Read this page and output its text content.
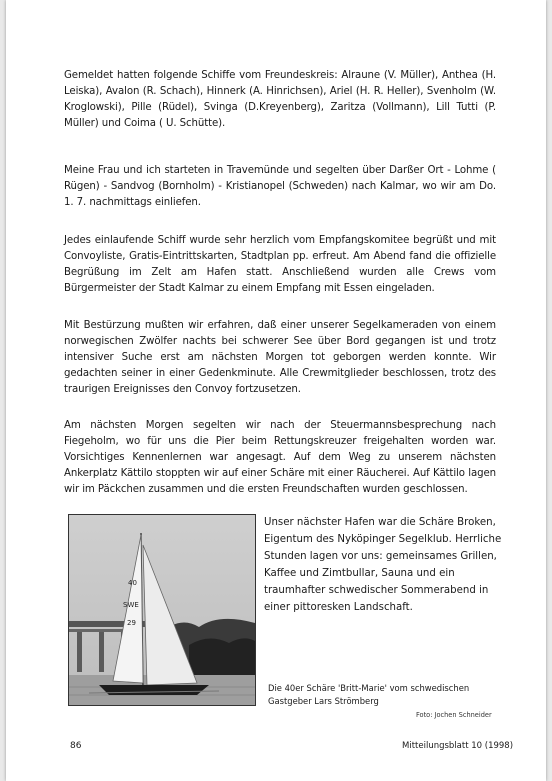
Gemeldet hatten folgende Schiffe vom Freundeskreis: Alraune (V. Müller), Anthea (H. Leiska), Avalon (R. Schach), Hinnerk (A. Hinrichsen), Ariel (H. R. Heller), Svenholm (W. Kroglowski), Pille (Rüdel), Svinga (D.Kreyenberg), Zaritza (Vollmann), Lill Tutti (P. Müller) und Coima ( U. Schütte).

Meine Frau und ich starteten in Travemünde und segelten über Darßer Ort - Lohme ( Rügen) - Sandvog (Bornholm) - Kristianopel (Schweden) nach Kalmar, wo wir am Do. 1. 7. nachmittags einliefen.

Jedes einlaufende Schiff wurde sehr herzlich vom Empfangskomitee begrüßt und mit Convoyliste, Gratis-Eintrittskarten, Stadtplan pp. erfreut. Am Abend fand die offizielle Begrüßung im Zelt am Hafen statt. Anschließend wurden alle Crews vom Bürgermeister der Stadt Kalmar zu einem Empfang mit Essen eingeladen.

Mit Bestürzung mußten wir erfahren, daß einer unserer Segelkameraden von einem norwegischen Zwölfer nachts bei schwerer See über Bord gegangen ist und trotz intensiver Suche erst am nächsten Morgen tot geborgen werden konnte. Wir gedachten seiner in einer Gedenkminute. Alle Crewmitglieder beschlossen, trotz des traurigen Ereignisses den Convoy fortzusetzen.

Am nächsten Morgen segelten wir nach der Steuermannsbesprechung nach Fiegeholm, wo für uns die Pier beim Rettungskreuzer freigehalten worden war. Vorsichtiges Kennenlernen war angesagt. Auf dem Weg zu unserem nächsten Ankerplatz Kättilo stoppten wir auf einer Schäre mit einer Räucherei. Auf Kättilo lagen wir im Päckchen zusammen und die ersten Freundschaften wurden geschlossen.

40
SWE
29

Unser nächster Hafen war die Schäre Broken, Eigentum des Nyköpinger Segelklub. Herrliche Stunden lagen vor uns: gemeinsames Grillen, Kaffee und Zimtbullar, Sauna und ein traumhafter schwedischer Sommerabend in einer pittoresken Landschaft.

Die 40er Schäre 'Britt-Marie' vom schwedischen Gastgeber Lars Strömberg

Foto: Jochen Schneider

86	Mitteilungsblatt 10 (1998)
